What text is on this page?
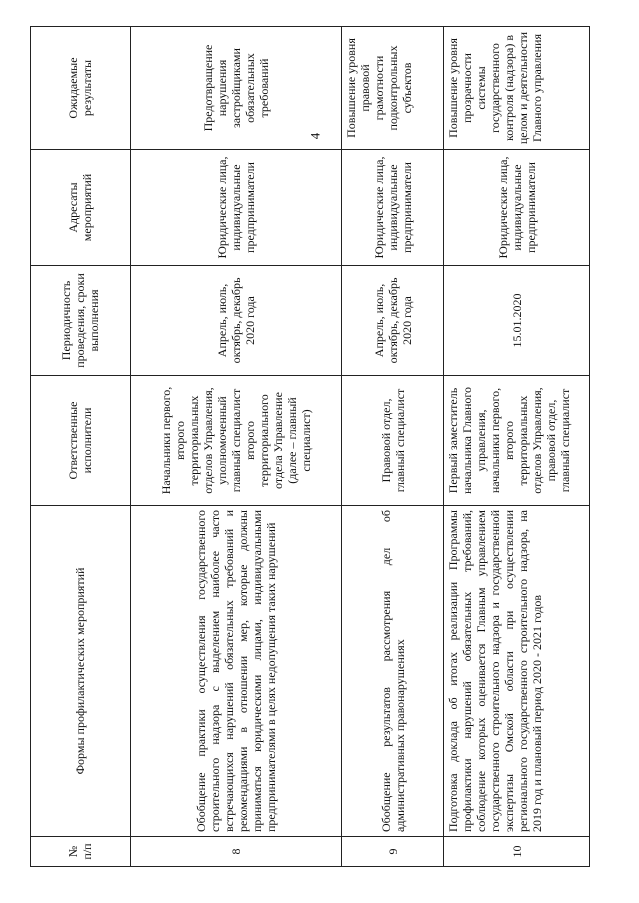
4
№ п/п	Формы профилактических мероприятий	Ответственные исполнители	Периодичность проведения, сроки выполнения	Адресаты мероприятий	Ожидаемые результаты
8	Обобщение практики осуществления государственного строительного надзора с выделением наиболее часто встречающихся нарушений обязательных требований и рекомендациями в отношении мер, которые должны приниматься юридическими лицами, индивидуальными предпринимателями в целях недопущения таких нарушений	Начальники первого, второго территориальных отделов Управления, уполномоченный главный специалист второго территориального отдела Управление (далее – главный специалист)	Апрель, июль, октябрь, декабрь 2020 года	Юридические лица, индивидуальные предприниматели	Предотвращение нарушения застройщиками обязательных требований
9	Обобщение результатов рассмотрения дел об административных правонарушениях	Правовой отдел, главный специалист	Апрель, июль, октябрь, декабрь 2020 года	Юридические лица, индивидуальные предприниматели	Повышение уровня правовой грамотности подконтрольных субъектов
10	Подготовка доклада об итогах реализации Программы профилактики нарушений обязательных требований, соблюдение которых оценивается Главным управлением государственного строительного надзора и государственной экспертизы Омской области при осуществлении регионального государственного строительного надзора, на 2019 год и плановый период 2020 - 2021 годов	Первый заместитель начальника Главного управления, начальники первого, второго территориальных отделов Управления, правовой отдел, главный специалист	15.01.2020	Юридические лица, индивидуальные предприниматели	Повышение уровня прозрачности системы государственного контроля (надзора) в целом и деятельности Главного управления
